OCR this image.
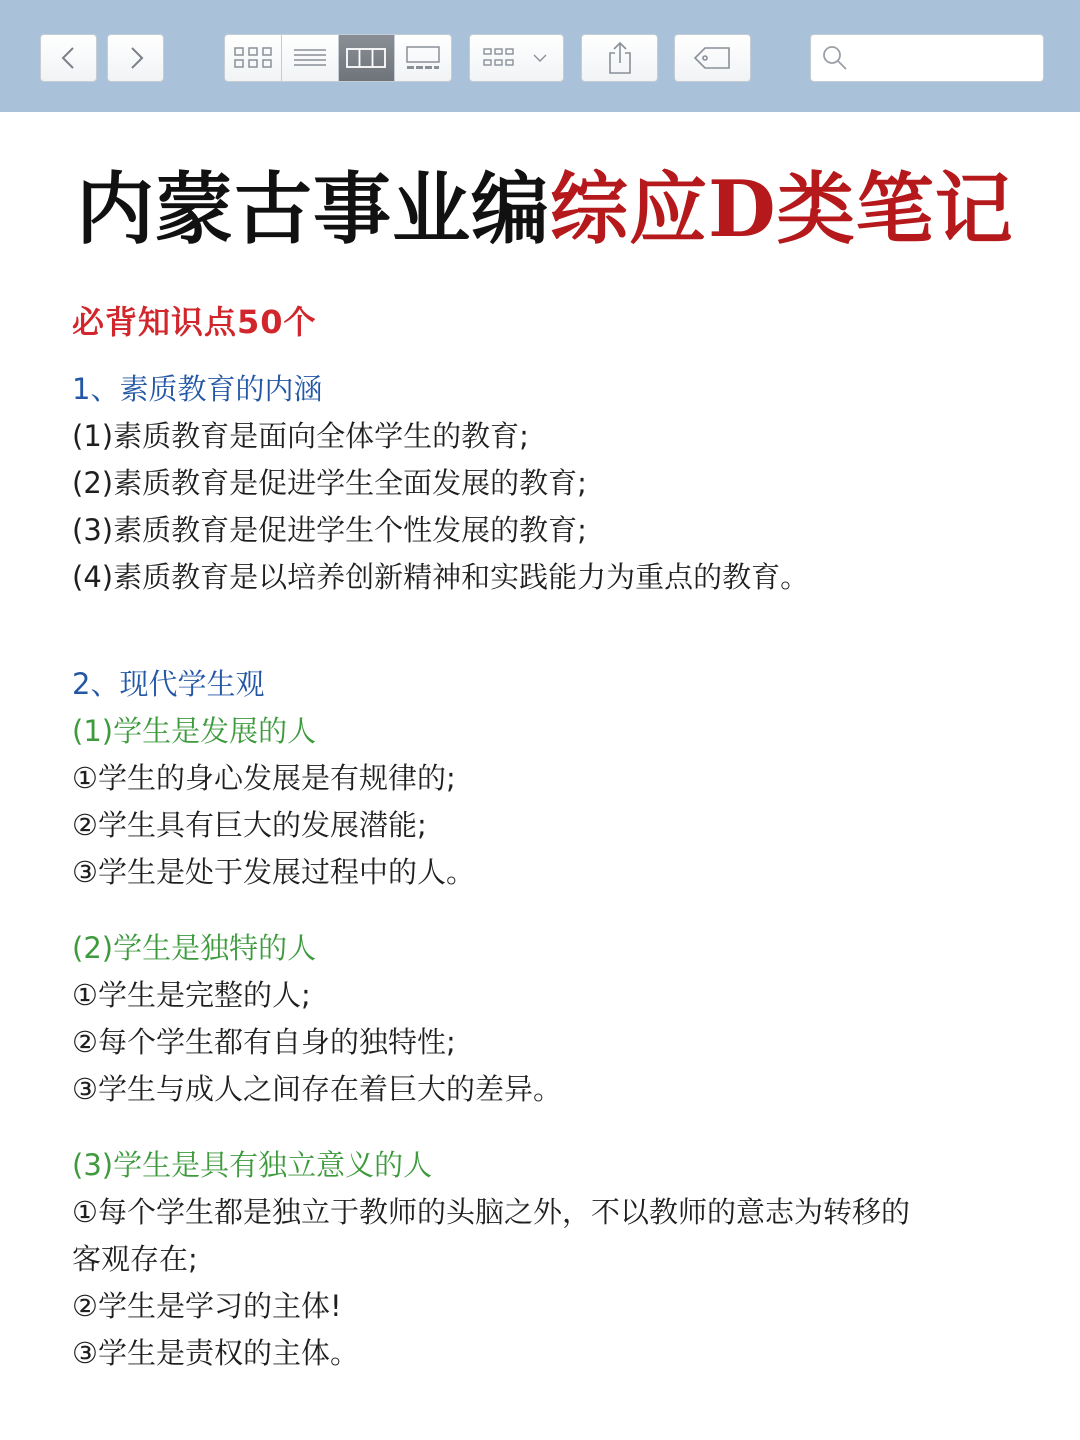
内蒙古事业编综应D类笔记
必背知识点50个
1、素质教育的内涵
(1)素质教育是面向全体学生的教育;
(2)素质教育是促进学生全面发展的教育;
(3)素质教育是促进学生个性发展的教育;
(4)素质教育是以培养创新精神和实践能力为重点的教育。
2、现代学生观
(1)学生是发展的人
①学生的身心发展是有规律的;
②学生具有巨大的发展潜能;
③学生是处于发展过程中的人。
(2)学生是独特的人
①学生是完整的人;
②每个学生都有自身的独特性;
③学生与成人之间存在着巨大的差异。
(3)学生是具有独立意义的人
①每个学生都是独立于教师的头脑之外，不以教师的意志为转移的
客观存在;
②学生是学习的主体!
③学生是责权的主体。
